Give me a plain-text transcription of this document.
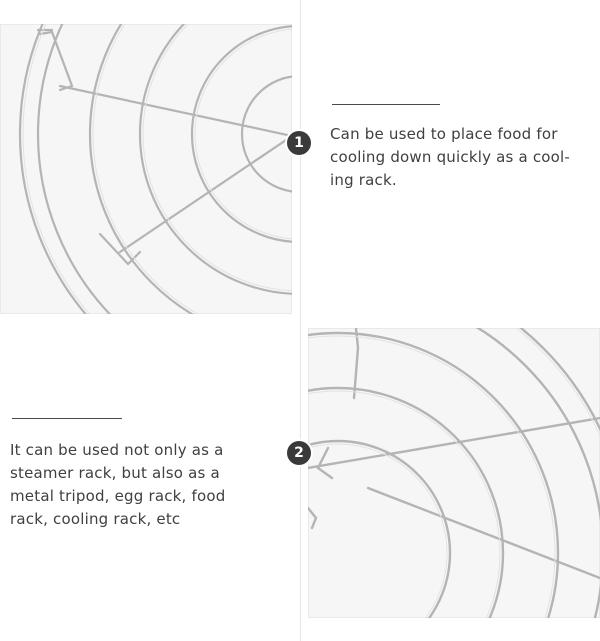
1	Can be used to place food for
cooling down quickly as a cool-
ing rack.
2
It can be used not only as a
steamer rack, but also as a
metal tripod, egg rack, food
rack, cooling rack, etc
